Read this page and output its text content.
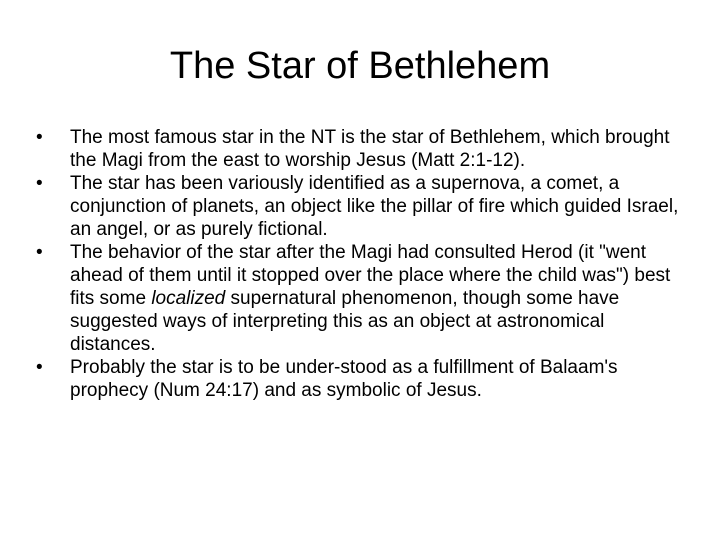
The Star of Bethlehem
•	The most famous star in the NT is the star of Bethlehem, which brought the Magi from the east to worship Jesus (Matt 2:1-12).
•	The star has been variously identified as a supernova, a comet, a conjunction of planets, an object like the pillar of fire which guided Israel, an angel, or as purely fictional.
•	The behavior of the star after the Magi had consulted Herod (it "went ahead of them until it stopped over the place where the child was") best fits some localized supernatural phenomenon, though some have suggested ways of interpreting this as an object at astronomical distances.
•	Probably the star is to be under-stood as a fulfillment of Balaam's prophecy (Num 24:17) and as symbolic of Jesus.
